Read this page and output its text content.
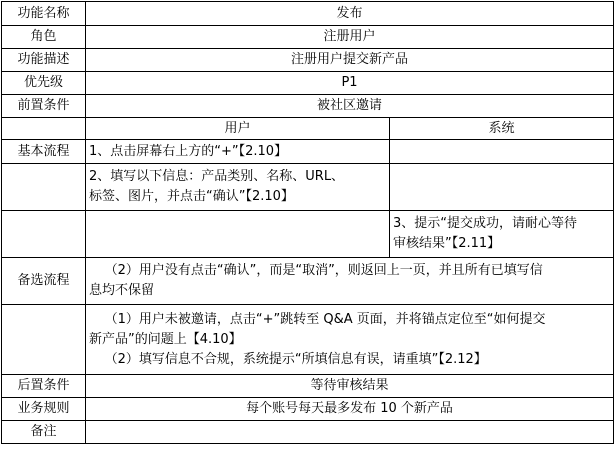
功能名称	发布	
角色	注册用户	
功能描述	注册用户提交新产品	
优先级	P1	
前置条件	被社区邀请	
	用户	系统
基本流程	1、点击屏幕右上方的“+”【2.10】	

	2、填写以下信息：产品类别、名称、URL、
标签、图片，并点击“确认”【2.10】	

		3、提示“提交成功，请耐心等待
审核结果”【2.11】

备选流程	（2）用户没有点击“确认”，而是“取消”，则返回上一页，并且所有已填写信
息均不保留	

	（1）用户未被邀请，点击“+”跳转至 Q&A 页面，并将锚点定位至“如何提交
新产品”的问题上【4.10】
（2）填写信息不合规，系统提示“所填信息有误，请重填”【2.12】	

后置条件	等待审核结果	
业务规则	每个账号每天最多发布 10 个新产品	
备注		
